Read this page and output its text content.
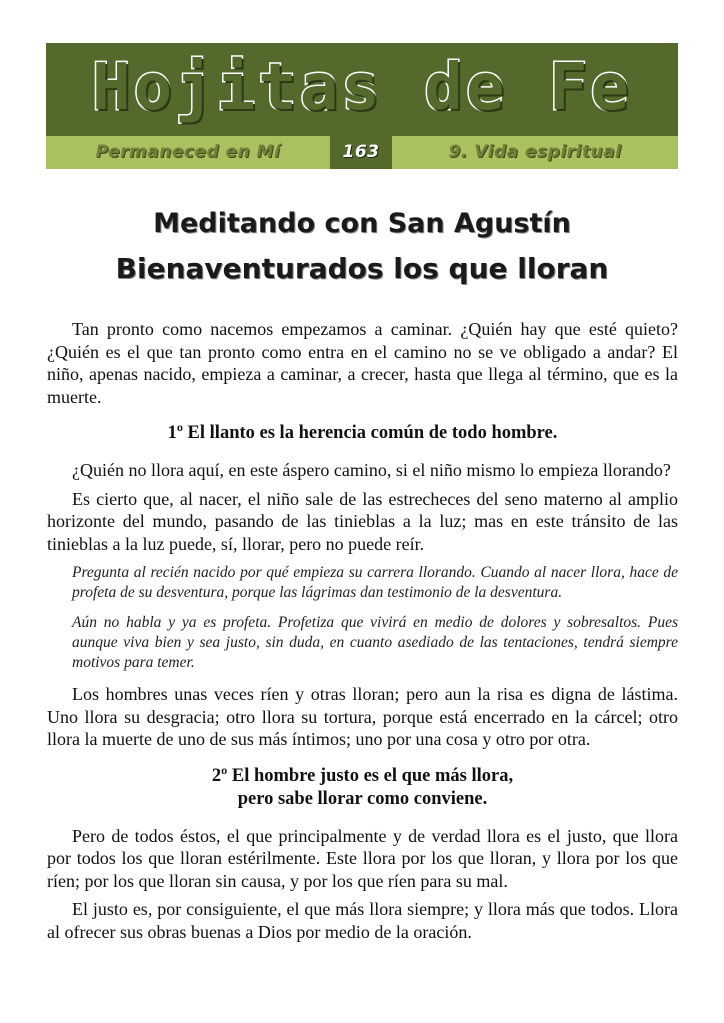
Hojitas de Fe
Permaneced en Mí	163	9. Vida espiritual
Meditando con San Agustín
Bienaventurados los que lloran

Tan pronto como nacemos empezamos a caminar. ¿Quién hay que esté quieto? ¿Quién es el que tan pronto como entra en el camino no se ve obligado a andar? El niño, apenas nacido, empieza a caminar, a crecer, hasta que llega al término, que es la muerte.

1º El llanto es la herencia común de todo hombre.

¿Quién no llora aquí, en este áspero camino, si el niño mismo lo empieza llorando?

Es cierto que, al nacer, el niño sale de las estrecheces del seno materno al amplio horizonte del mundo, pasando de las tinieblas a la luz; mas en este tránsito de las tinieblas a la luz puede, sí, llorar, pero no puede reír.

Pregunta al recién nacido por qué empieza su carrera llorando. Cuando al nacer llora, hace de profeta de su desventura, porque las lágrimas dan testimonio de la desventura.
Aún no habla y ya es profeta. Profetiza que vivirá en medio de dolores y sobresaltos. Pues aunque viva bien y sea justo, sin duda, en cuanto asediado de las tentaciones, tendrá siempre motivos para temer.

Los hombres unas veces ríen y otras lloran; pero aun la risa es digna de lástima. Uno llora su desgracia; otro llora su tortura, porque está encerrado en la cárcel; otro llora la muerte de uno de sus más íntimos; uno por una cosa y otro por otra.

2º El hombre justo es el que más llora,
pero sabe llorar como conviene.

Pero de todos éstos, el que principalmente y de verdad llora es el justo, que llora por todos los que lloran estérilmente. Este llora por los que lloran, y llora por los que ríen; por los que lloran sin causa, y por los que ríen para su mal.

El justo es, por consiguiente, el que más llora siempre; y llora más que todos. Llora al ofrecer sus obras buenas a Dios por medio de la oración.
